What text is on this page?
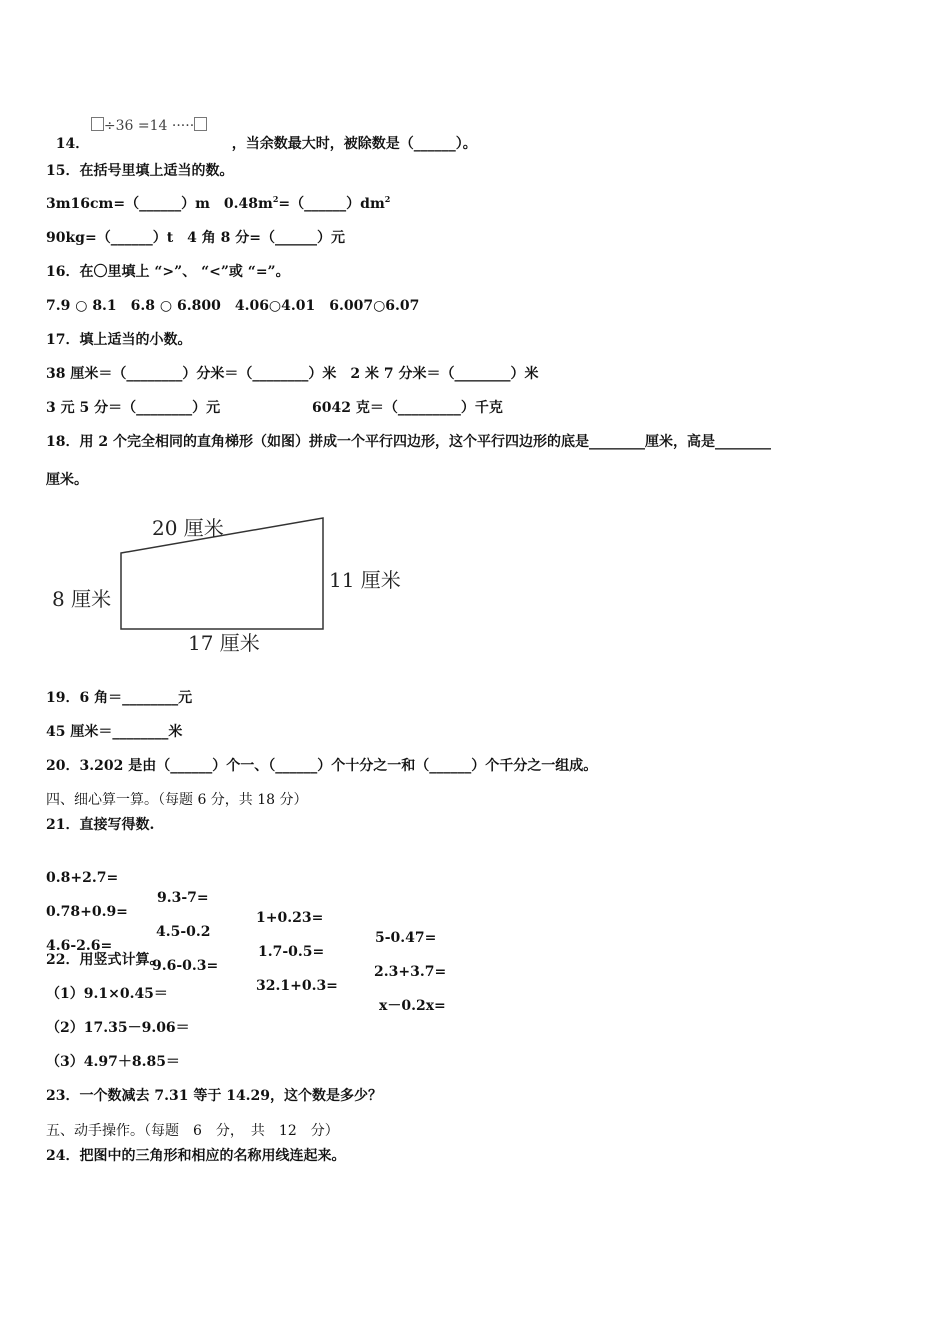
14．

÷36 =14 ·····

，当余数最大时，被除数是（______）。

15．在括号里填上适当的数。
3m16cm=（______）m　$0.48m^2=(\_\_\_\_\_\_)dm^2$
90kg=（______）t　4 角 8 分=（______）元
16．在〇里填上 “>”、 “<”或 “=”。
7.9 ○ 8.1　6.8 ○ 6.800　4.06○4.01　6.007○6.07
17．填上适当的小数。
38 厘米＝（________）分米＝（________）米　2 米 7 分米＝（________）米
3 元 5 分＝（________）元	6042 克＝（_________）千克
18．用 2 个完全相同的直角梯形（如图）拼成一个平行四边形，这个平行四边形的底是________厘米，高是________
厘米。
20 厘米
8 厘米
11 厘米
17 厘米
19．6 角＝________元
45 厘米＝________米
20．3.202 是由（______）个一、（______）个十分之一和（______）个千分之一组成。
四、细心算一算。（每题 6 分，共 18 分）
21．直接写得数.

0.8+2.7=

9.3-7=

1+0.23=

5-0.47=

0.78+0.9=

4.5-0.2

1.7-0.5=

2.3+3.7=

4.6-2.6=

9.6-0.3=

32.1+0.3=

x－0.2x=

22．用竖式计算。
（1）9.1×0.45＝
（2）17.35－9.06＝
（3）4.97＋8.85＝
23．一个数减去 7.31 等于 14.29，这个数是多少？
五、动手操作。（每题　6　分，　共　12　分）
24．把图中的三角形和相应的名称用线连起来。
